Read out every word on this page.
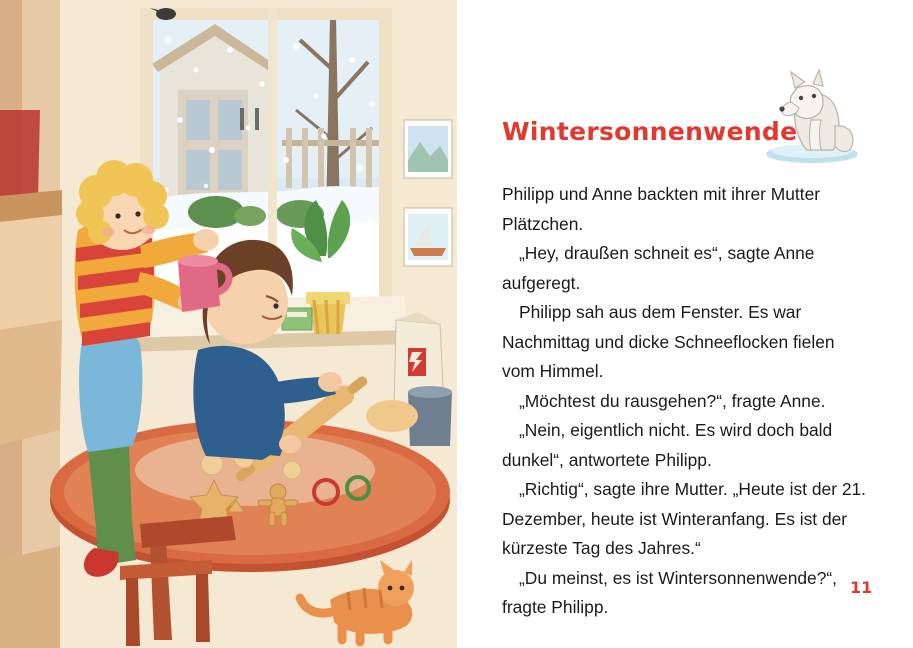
Wintersonnenwende

Philipp und Anne backten mit ihrer Mutter Plätzchen.

„Hey, draußen schneit es“, sagte Anne aufgeregt.

Philipp sah aus dem Fenster. Es war Nachmittag und dicke Schneeflocken fielen vom Himmel.

„Möchtest du rausgehen?“, fragte Anne.

„Nein, eigentlich nicht. Es wird doch bald dunkel“, antwortete Philipp.

„Richtig“, sagte ihre Mutter. „Heute ist der 21. Dezember, heute ist Winteranfang. Es ist der kürzeste Tag des Jahres.“

„Du meinst, es ist Wintersonnenwende?“, fragte Philipp.

11
